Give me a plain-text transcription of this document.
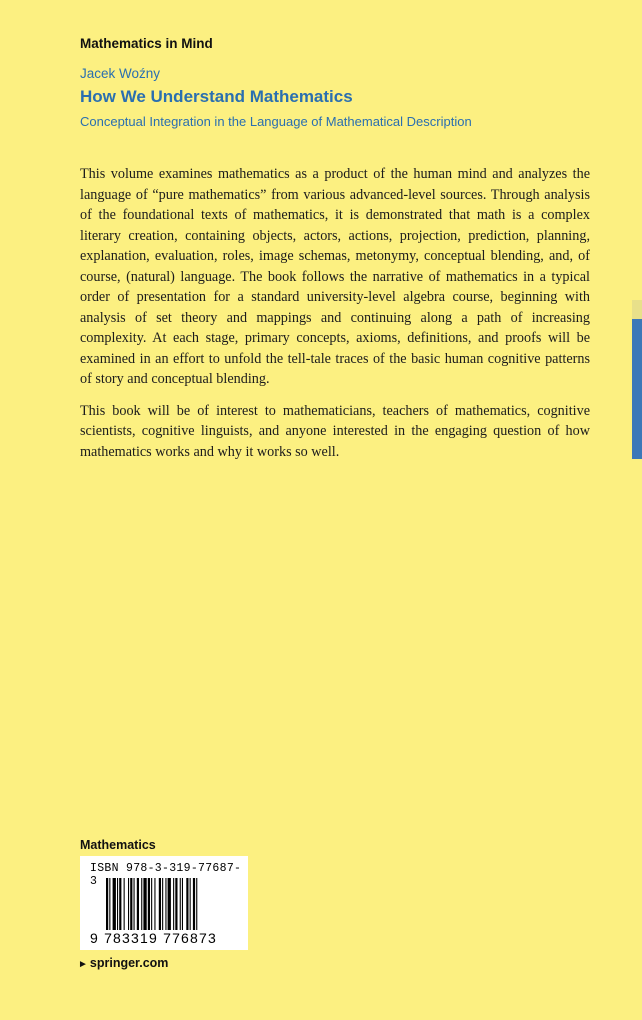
Mathematics in Mind
Jacek Woźny
How We Understand Mathematics
Conceptual Integration in the Language of Mathematical Description

This volume examines mathematics as a product of the human mind and analyzes the language of “pure mathematics” from various advanced-level sources. Through analysis of the foundational texts of mathematics, it is demonstrated that math is a complex literary creation, containing objects, actors, actions, projection, prediction, planning, explanation, evaluation, roles, image schemas, metonymy, conceptual blending, and, of course, (natural) language. The book follows the narrative of mathematics in a typical order of presentation for a standard university-level algebra course, beginning with analysis of set theory and mappings and continuing along a path of increasing complexity. At each stage, primary concepts, axioms, definitions, and proofs will be examined in an effort to unfold the tell-tale traces of the basic human cognitive patterns of story and conceptual blending.

This book will be of interest to mathematicians, teachers of mathematics, cognitive scientists, cognitive linguists, and anyone interested in the engaging question of how mathematics works and why it works so well.

Mathematics
ISBN 978-3-319-77687-3
9 783319 776873
► springer.com
